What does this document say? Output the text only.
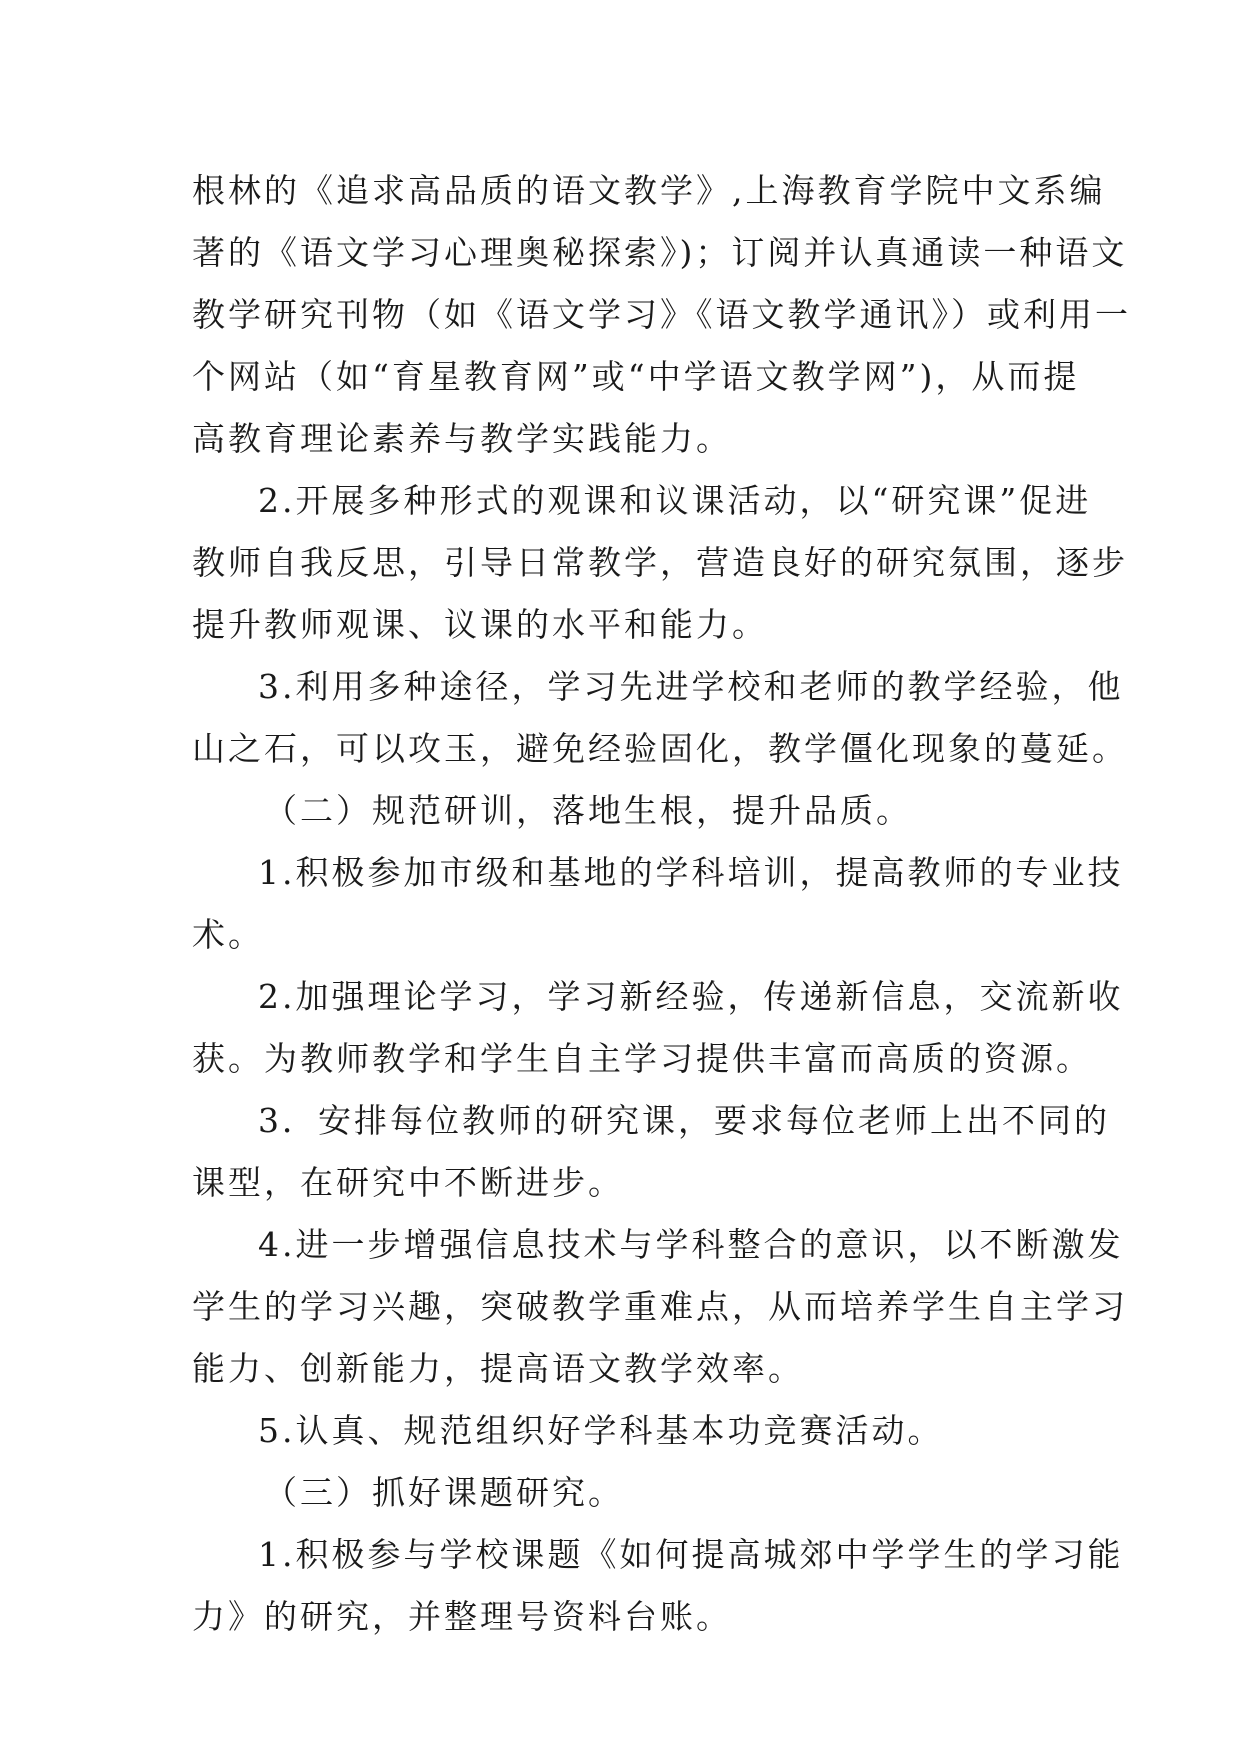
根林的《追求高品质的语文教学》,上海教育学院中文系编
著的《语文学习心理奥秘探索》)；订阅并认真通读一种语文
教学研究刊物（如《语文学习》《语文教学通讯》）或利用一
个网站（如“育星教育网”或“中学语文教学网”)，从而提
高教育理论素养与教学实践能力。
2.开展多种形式的观课和议课活动，以“研究课”促进
教师自我反思，引导日常教学，营造良好的研究氛围，逐步
提升教师观课、议课的水平和能力。
3.利用多种途径，学习先进学校和老师的教学经验，他
山之石，可以攻玉，避免经验固化，教学僵化现象的蔓延。
（二）规范研训，落地生根，提升品质。
1.积极参加市级和基地的学科培训，提高教师的专业技
术。
2.加强理论学习，学习新经验，传递新信息，交流新收
获。为教师教学和学生自主学习提供丰富而高质的资源。
3．安排每位教师的研究课，要求每位老师上出不同的
课型，在研究中不断进步。
4.进一步增强信息技术与学科整合的意识，以不断激发
学生的学习兴趣，突破教学重难点，从而培养学生自主学习
能力、创新能力，提高语文教学效率。
5.认真、规范组织好学科基本功竞赛活动。
（三）抓好课题研究。
1.积极参与学校课题《如何提高城郊中学学生的学习能
力》的研究，并整理号资料台账。
